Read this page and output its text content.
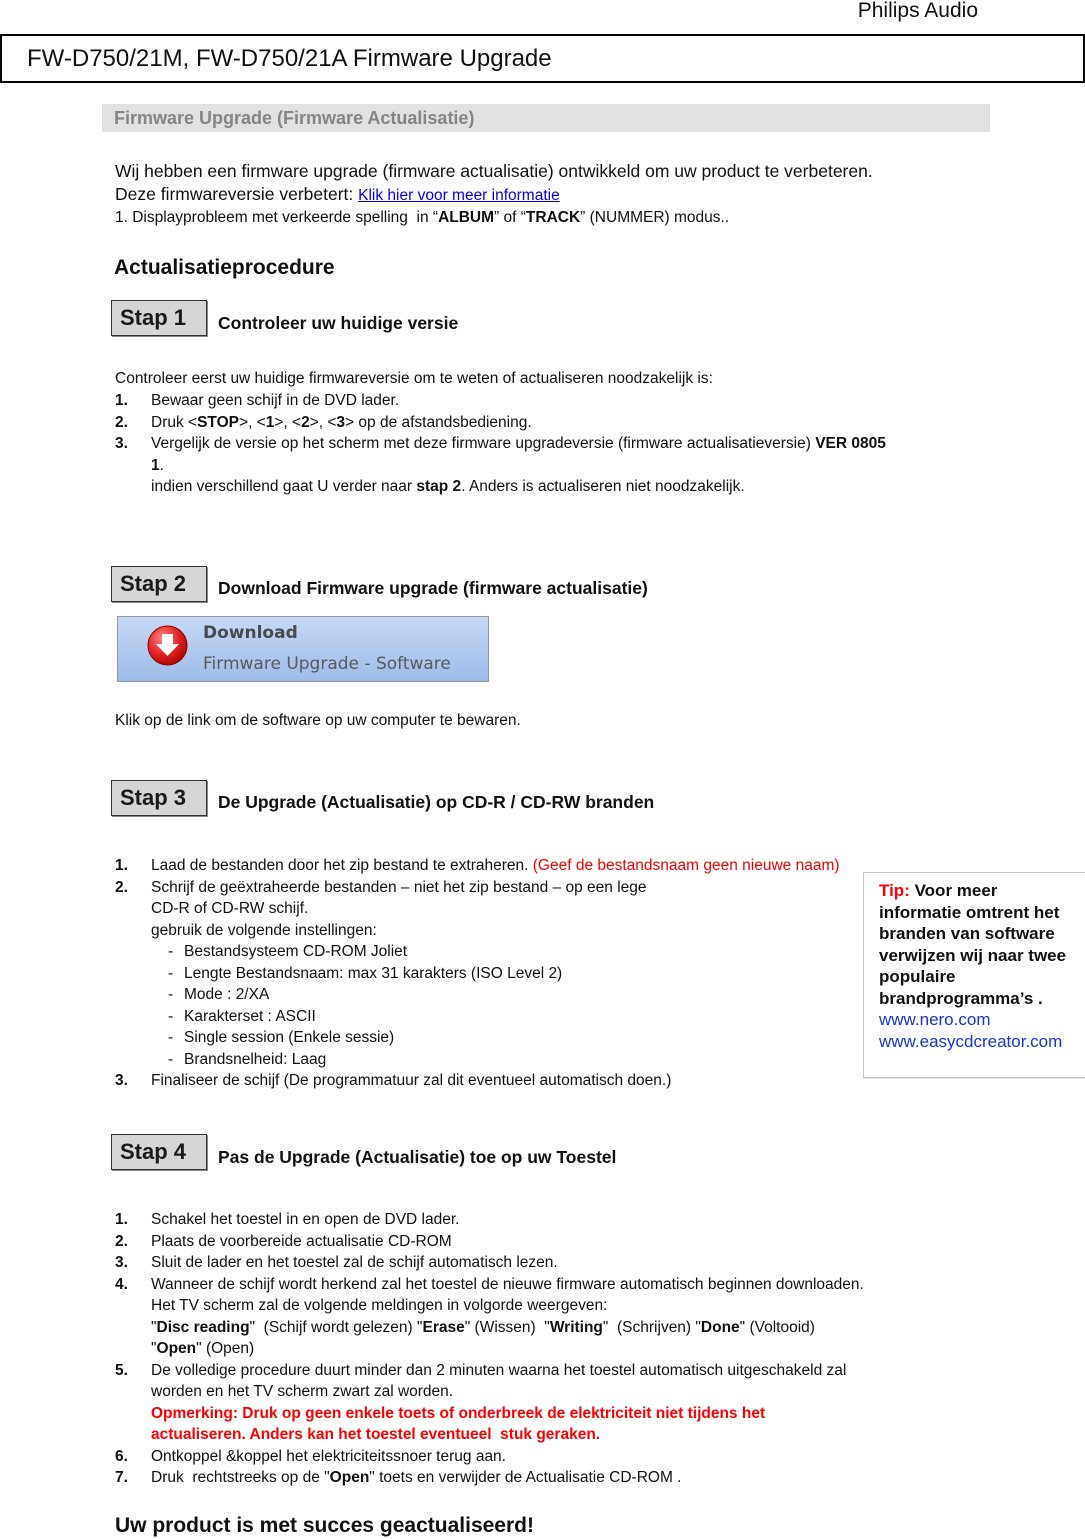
Philips Audio
FW-D750/21M, FW-D750/21A Firmware Upgrade
Firmware Upgrade (Firmware Actualisatie)
Wij hebben een firmware upgrade (firmware actualisatie) ontwikkeld om uw product te verbeteren.
Deze firmwareversie verbetert: Klik hier voor meer informatie
1. Displayprobleem met verkeerde spelling  in “ALBUM” of “TRACK” (NUMMER) modus..
Actualisatieprocedure
Stap 1	Controleer uw huidige versie
Controleer eerst uw huidige firmwareversie om te weten of actualiseren noodzakelijk is:
1.	Bewaar geen schijf in de DVD lader.
2.	Druk <STOP>, <1>, <2>, <3> op de afstandsbediening.
3.	Vergelijk de versie op het scherm met deze firmware upgradeversie (firmware actualisatieversie) VER 0805
1.
indien verschillend gaat U verder naar stap 2. Anders is actualiseren niet noodzakelijk.
Stap 2	Download Firmware upgrade (firmware actualisatie)
Download
Firmware Upgrade - Software
Klik op de link om de software op uw computer te bewaren.
Stap 3	De Upgrade (Actualisatie) op CD-R / CD-RW branden
1.	Laad de bestanden door het zip bestand te extraheren. (Geef de bestandsnaam geen nieuwe naam)
2.	Schrijf de geëxtraheerde bestanden – niet het zip bestand – op een lege
CD-R of CD-RW schijf.
gebruik de volgende instellingen:
- Bestandsysteem CD-ROM Joliet
- Lengte Bestandsnaam: max 31 karakters (ISO Level 2)
- Mode : 2/XA
- Karakterset : ASCII
- Single session (Enkele sessie)
- Brandsnelheid: Laag
3.	Finaliseer de schijf (De programmatuur zal dit eventueel automatisch doen.)
Tip: Voor meer informatie omtrent het branden van software verwijzen wij naar twee populaire brandprogramma’s .
www.nero.com
www.easycdcreator.com
Stap 4	Pas de Upgrade (Actualisatie) toe op uw Toestel
1.	Schakel het toestel in en open de DVD lader.
2.	Plaats de voorbereide actualisatie CD-ROM
3.	Sluit de lader en het toestel zal de schijf automatisch lezen.
4.	Wanneer de schijf wordt herkend zal het toestel de nieuwe firmware automatisch beginnen downloaden.
Het TV scherm zal de volgende meldingen in volgorde weergeven:
"Disc reading"  (Schijf wordt gelezen) "Erase" (Wissen)  "Writing"  (Schrijven) "Done" (Voltooid)
"Open" (Open)
5.	De volledige procedure duurt minder dan 2 minuten waarna het toestel automatisch uitgeschakeld zal
worden en het TV scherm zwart zal worden.
Opmerking: Druk op geen enkele toets of onderbreek de elektriciteit niet tijdens het
actualiseren. Anders kan het toestel eventueel  stuk geraken.
6.	Ontkoppel &koppel het elektriciteitssnoer terug aan.
7.	Druk  rechtstreeks op de "Open" toets en verwijder de Actualisatie CD-ROM .
Uw product is met succes geactualiseerd!
